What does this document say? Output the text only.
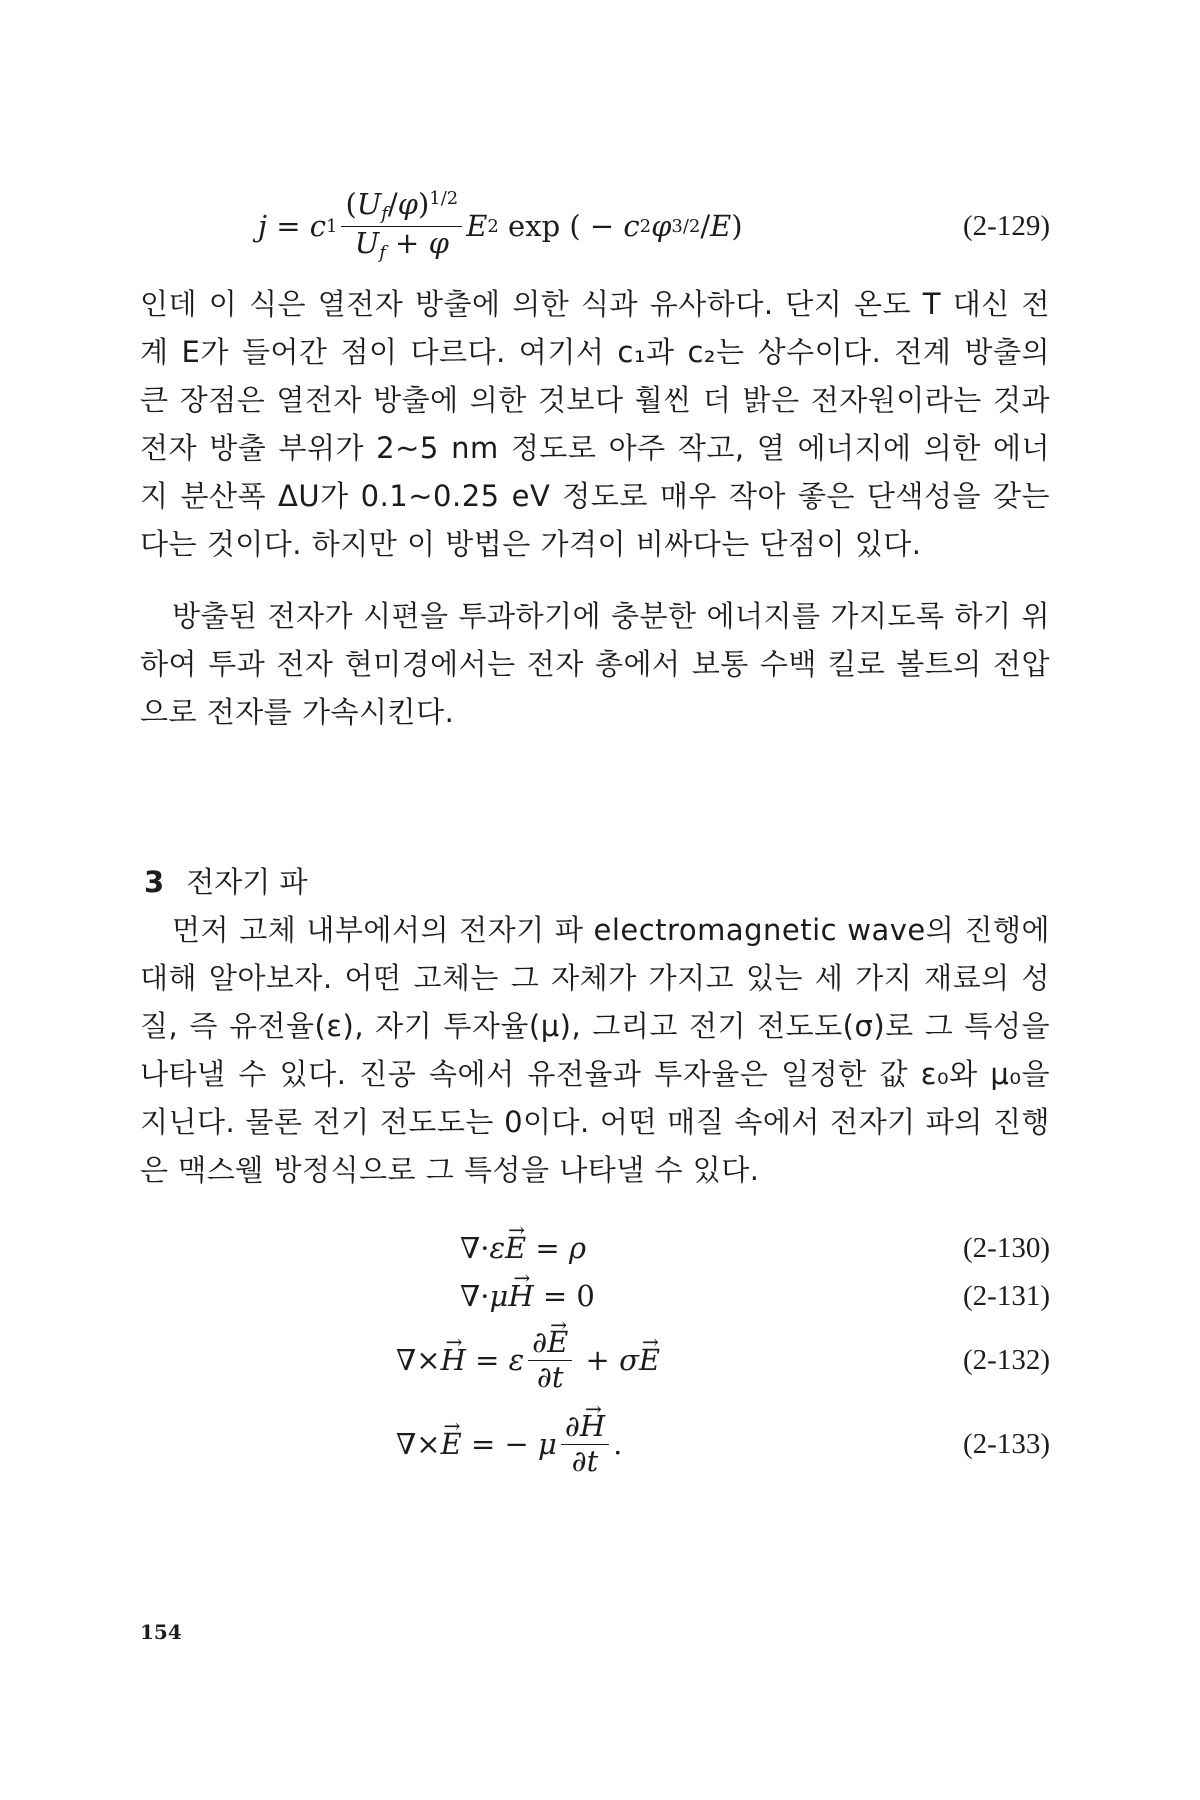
j = c $1 \frac{(U_f/\varphi)^{1/2}}{U_f + \varphi}$ E 2 exp ( − c 2 φ 3/2 / E )	(2-129)

인데 이 식은 열전자 방출에 의한 식과 유사하다. 단지 온도 T 대신 전계 E가 들어간 점이 다르다. 여기서 c₁과 c₂는 상수이다. 전계 방출의 큰 장점은 열전자 방출에 의한 것보다 훨씬 더 밝은 전자원이라는 것과 전자 방출 부위가 2~5 nm 정도로 아주 작고, 열 에너지에 의한 에너지 분산폭 ΔU가 0.1~0.25 eV 정도로 매우 작아 좋은 단색성을 갖는다는 것이다. 하지만 이 방법은 가격이 비싸다는 단점이 있다.

방출된 전자가 시편을 투과하기에 충분한 에너지를 가지도록 하기 위하여 투과 전자 현미경에서는 전자 총에서 보통 수백 킬로 볼트의 전압으로 전자를 가속시킨다.

3 전자기 파

먼저 고체 내부에서의 전자기 파 electromagnetic wave의 진행에 대해 알아보자. 어떤 고체는 그 자체가 가지고 있는 세 가지 재료의 성질, 즉 유전율(ε), 자기 투자율(μ), 그리고 전기 전도도(σ)로 그 특성을 나타낼 수 있다. 진공 속에서 유전율과 투자율은 일정한 값 ε₀와 μ₀을 지닌다. 물론 전기 전도도는 0이다. 어떤 매질 속에서 전자기 파의 진행은 맥스웰 방정식으로 그 특성을 나타낼 수 있다.

∇· ε
→ E = ρ	(2-130)
∇· μ
→ H = 0	(2-131)
∇×
→ H = ε $\frac{\partial\to E}{\partial t} + \sigma$
→ E	(2-132)
∇×
→ E = − μ $\frac{\partial\to H}{\partial t}$ .	(2-133)
154
